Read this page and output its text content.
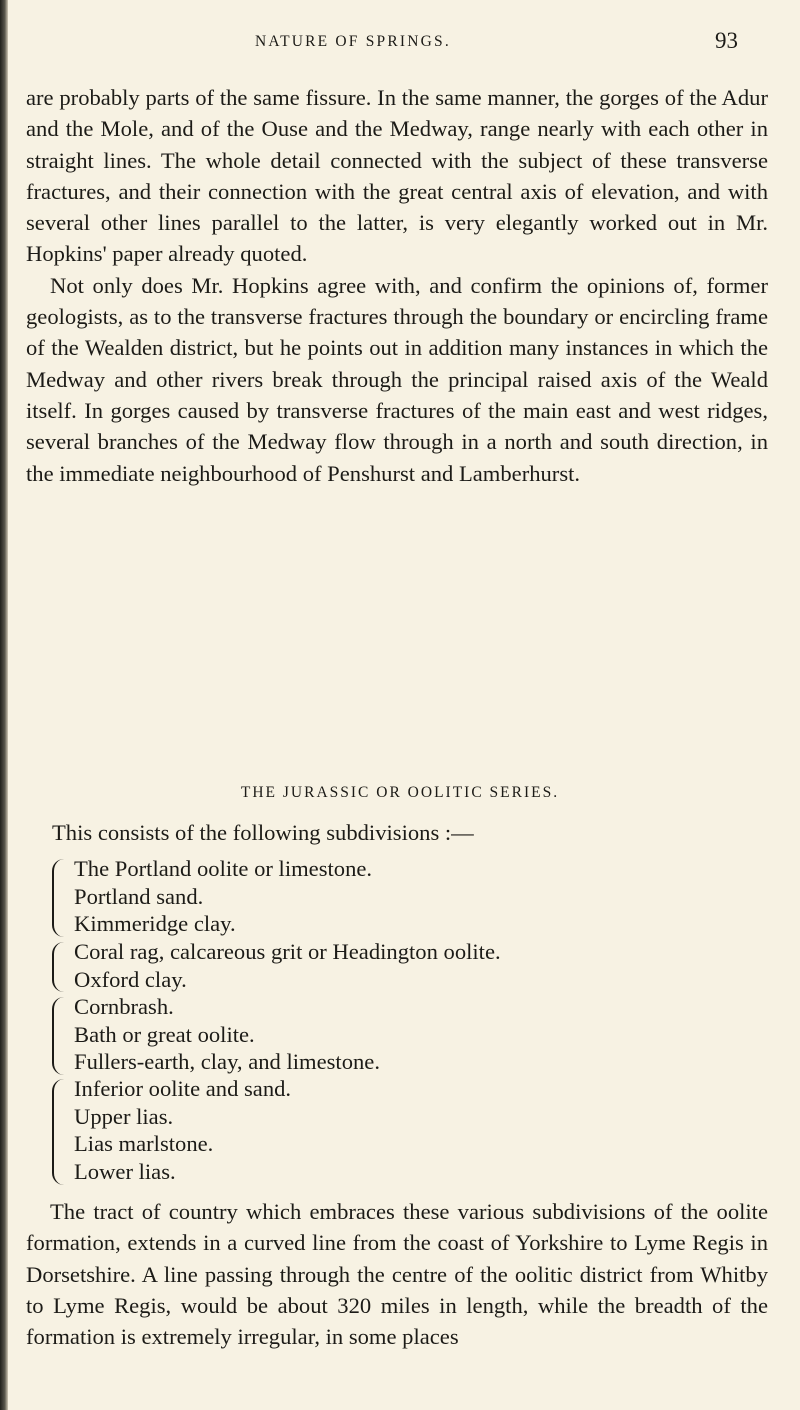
NATURE OF SPRINGS.	93

are probably parts of the same fissure. In the same manner, the gorges of the Adur and the Mole, and of the Ouse and the Medway, range nearly with each other in straight lines. The whole detail connected with the subject of these transverse fractures, and their connection with the great central axis of elevation, and with several other lines parallel to the latter, is very elegantly worked out in Mr. Hopkins' paper already quoted.

Not only does Mr. Hopkins agree with, and confirm the opinions of, former geologists, as to the transverse fractures through the boundary or encircling frame of the Wealden district, but he points out in addition many instances in which the Medway and other rivers break through the principal raised axis of the Weald itself. In gorges caused by transverse fractures of the main east and west ridges, several branches of the Medway flow through in a north and south direction, in the immediate neighbourhood of Penshurst and Lamberhurst.

THE JURASSIC OR OOLITIC SERIES.
This consists of the following subdivisions :—
The Portland oolite or limestone.
Portland sand.
Kimmeridge clay.
Coral rag, calcareous grit or Headington oolite.
Oxford clay.
Cornbrash.
Bath or great oolite.
Fullers-earth, clay, and limestone.
Inferior oolite and sand.
Upper lias.
Lias marlstone.
Lower lias.

The tract of country which embraces these various subdivisions of the oolite formation, extends in a curved line from the coast of Yorkshire to Lyme Regis in Dorsetshire. A line passing through the centre of the oolitic district from Whitby to Lyme Regis, would be about 320 miles in length, while the breadth of the formation is extremely irregular, in some places
